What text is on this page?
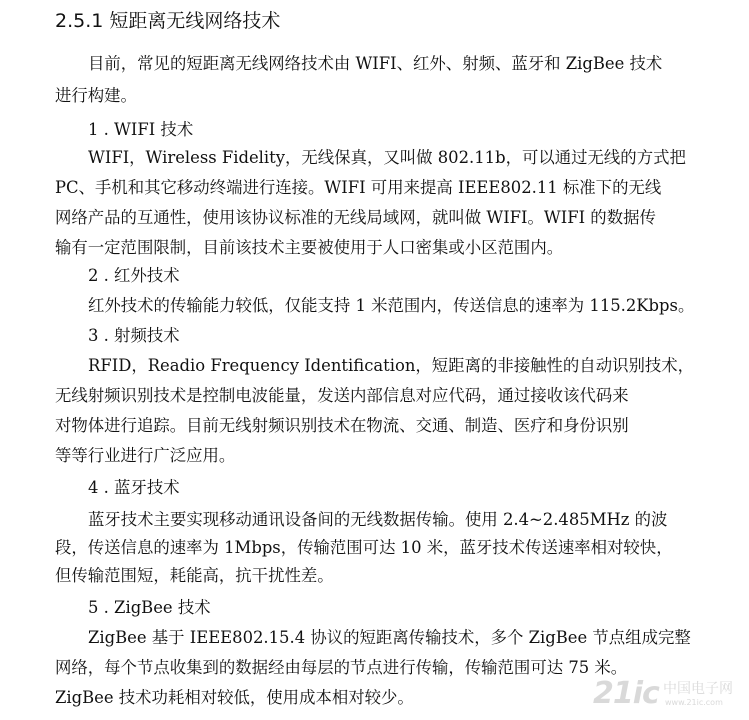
2.5.1 短距离无线网络技术
目前，常见的短距离无线网络技术由 WIFI、红外、射频、蓝牙和 ZigBee 技术
进行构建。
1 . WIFI 技术
WIFI，Wireless Fidelity，无线保真，又叫做 802.11b，可以通过无线的方式把
PC、手机和其它移动终端进行连接。WIFI 可用来提高 IEEE802.11 标准下的无线
网络产品的互通性，使用该协议标准的无线局域网，就叫做 WIFI。WIFI 的数据传
输有一定范围限制，目前该技术主要被使用于人口密集或小区范围内。
2 . 红外技术
红外技术的传输能力较低，仅能支持 1 米范围内，传送信息的速率为 115.2Kbps。
3 . 射频技术
RFID，Readio Frequency Identification，短距离的非接触性的自动识别技术，
无线射频识别技术是控制电波能量，发送内部信息对应代码，通过接收该代码来
对物体进行追踪。目前无线射频识别技术在物流、交通、制造、医疗和身份识别
等等行业进行广泛应用。
4 . 蓝牙技术
蓝牙技术主要实现移动通讯设备间的无线数据传输。使用 2.4~2.485MHz 的波
段，传送信息的速率为 1Mbps，传输范围可达 10 米，蓝牙技术传送速率相对较快，
但传输范围短，耗能高，抗干扰性差。
5 . ZigBee 技术
ZigBee 基于 IEEE802.15.4 协议的短距离传输技术，多个 ZigBee 节点组成完整
网络，每个节点收集到的数据经由每层的节点进行传输，传输范围可达 75 米。
ZigBee 技术功耗相对较低，使用成本相对较少。	21ic 中国电子网
www.21ic.com
